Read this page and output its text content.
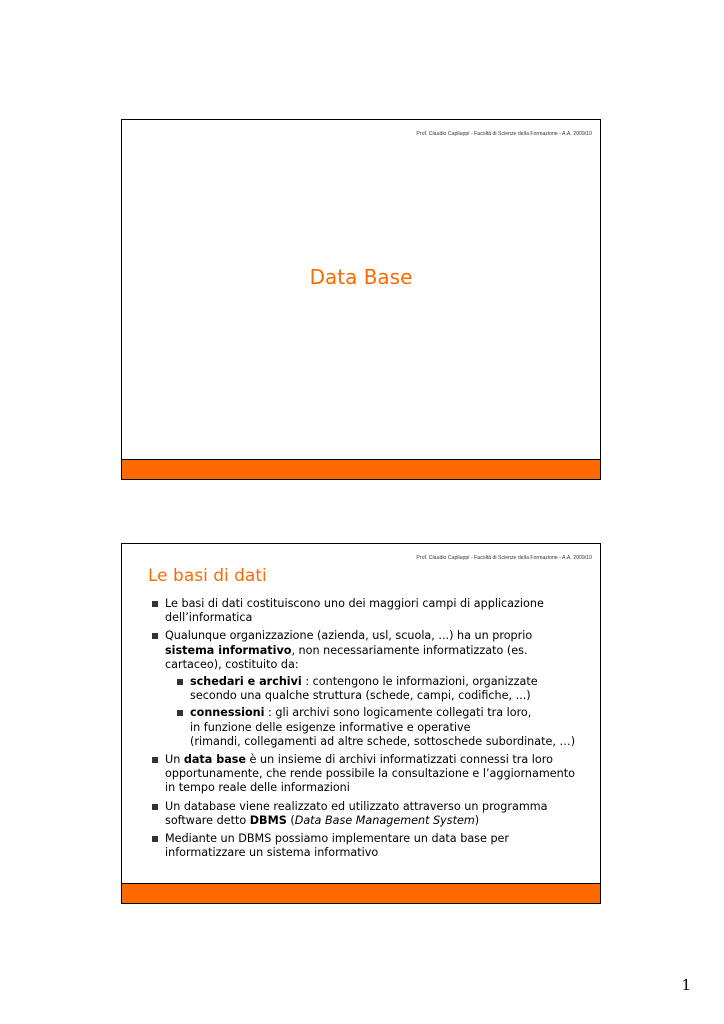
Prof. Claudio Capiluppi - Facoltà di Scienze della Formazione - A.A. 2009/10
Data Base
Prof. Claudio Capiluppi - Facoltà di Scienze della Formazione - A.A. 2009/10
Le basi di dati
Le basi di dati costituiscono uno dei maggiori campi di applicazione dell’informatica
Qualunque organizzazione (azienda, usl, scuola, ...) ha un proprio sistema informativo, non necessariamente informatizzato (es. cartaceo), costituito da:
schedari e archivi : contengono le informazioni, organizzate secondo una qualche struttura (schede, campi, codifiche, ...)
connessioni : gli archivi sono logicamente collegati tra loro,
in funzione delle esigenze informative e operative
(rimandi, collegamenti ad altre schede, sottoschede subordinate, …)
Un data base è un insieme di archivi informatizzati connessi tra loro opportunamente, che rende possibile la consultazione e l’aggiornamento in tempo reale delle informazioni
Un database viene realizzato ed utilizzato attraverso un programma software detto DBMS (Data Base Management System)
Mediante un DBMS possiamo implementare un data base per informatizzare un sistema informativo
1
